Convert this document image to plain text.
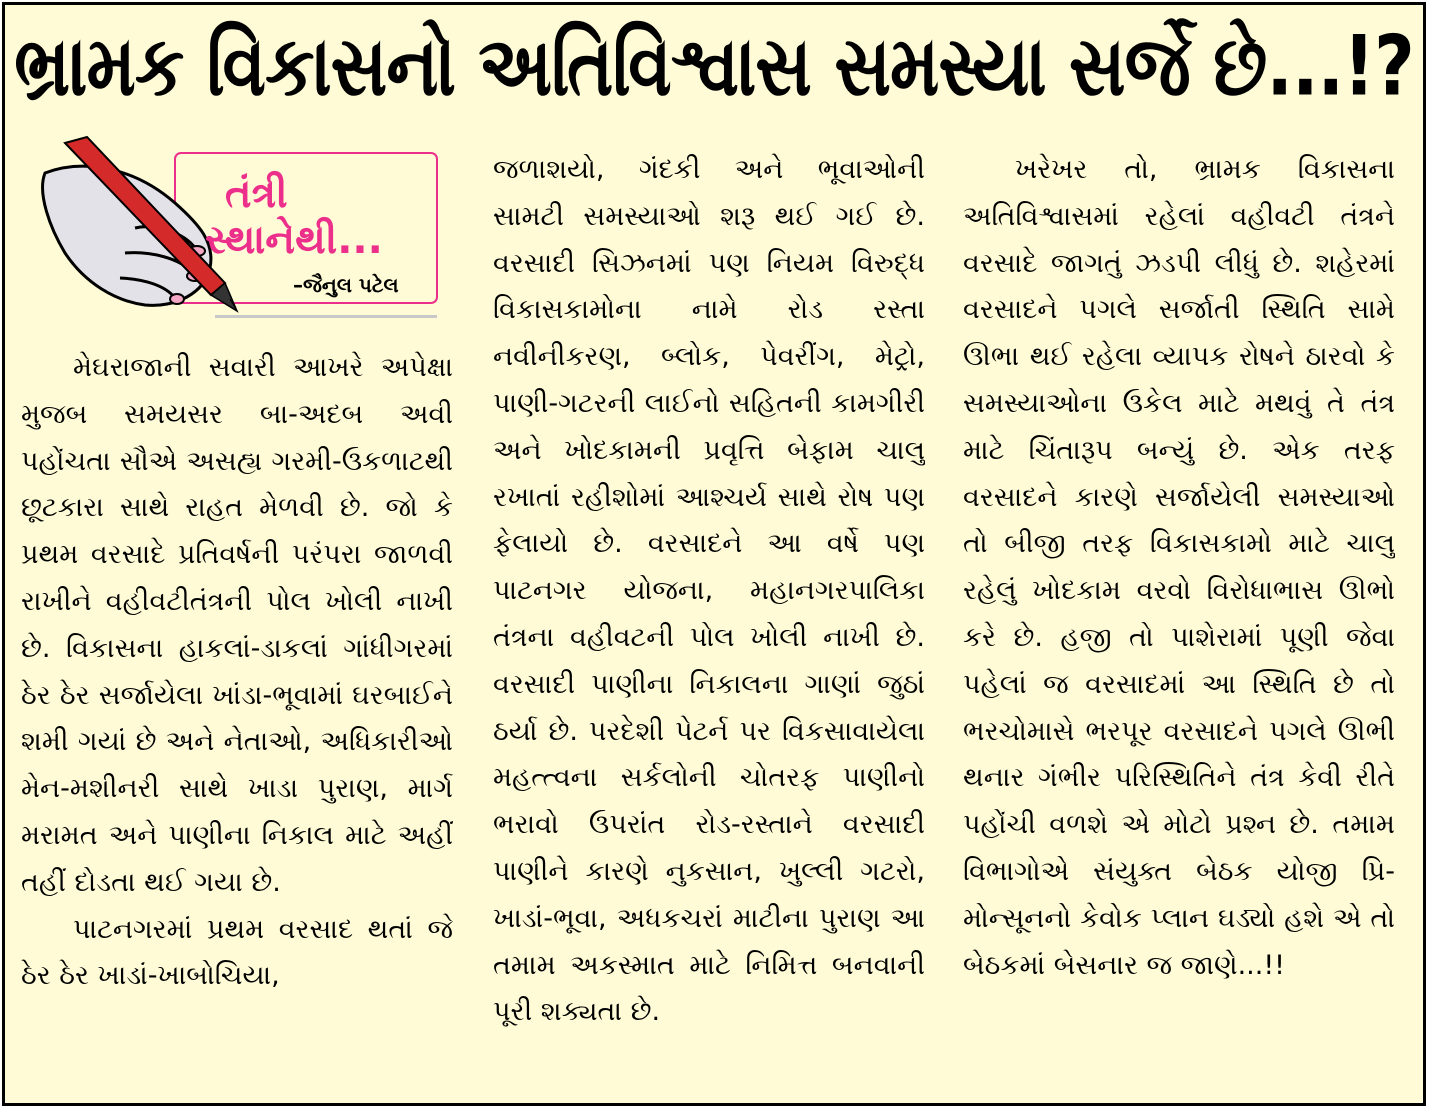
ભ્રામક વિકાસનો અતિવિશ્વાસ સમસ્યા સર્જે છે...!?
તંત્રી
સ્થાનેથી...
–જૈનુલ પટેલ

મેઘરાજાની સવારી આખરે અપેક્ષા મુજબ સમયસર બા-અદબ અવી પહોંચતા સૌએ અસહ્ય ગરમી-ઉકળાટથી છૂટકારા સાથે રાહત મેળવી છે. જો કે પ્રથમ વરસાદે પ્રતિવર્ષની પરંપરા જાળવી રાખીને વહીવટીતંત્રની પોલ ખોલી નાખી છે. વિકાસના હાકલાં-ડાકલાં ગાંધીગરમાં ઠેર ઠેર સર્જાયેલા ખાંડા-ભૂવામાં ઘરબાઈને શમી ગયાં છે અને નેતાઓ, અધિકારીઓ મેન-મશીનરી સાથે ખાડા પુરાણ, માર્ગ મરામત અને પાણીના નિકાલ માટે અહીં તહીં દોડતા થઈ ગયા છે.

પાટનગરમાં પ્રથમ વરસાદ થતાં જે ઠેર ઠેર ખાડાં-ખાબોચિયા,

જળાશયો, ગંદકી અને ભૂવાઓની સામટી સમસ્યાઓ શરૂ થઈ ગઈ છે. વરસાદી સિઝનમાં પણ નિયમ વિરુદ્ધ વિકાસકામોના નામે રોડ રસ્તા નવીનીકરણ, બ્લોક, પેવરીંગ, મેટ્રો, પાણી-ગટરની લાઈનો સહિતની કામગીરી અને ખોદકામની પ્રવૃત્તિ બેફામ ચાલુ રખાતાં રહીશોમાં આશ્ચર્ય સાથે રોષ પણ ફેલાયો છે. વરસાદને આ વર્ષે પણ પાટનગર યોજના, મહાનગરપાલિકા તંત્રના વહીવટની પોલ ખોલી નાખી છે. વરસાદી પાણીના નિકાલના ગાણાં જુઠાં ઠર્યા છે. પરદેશી પેટર્ન પર વિકસાવાયેલા મહત્ત્વના સર્કલોની ચોતરફ પાણીનો ભરાવો ઉપરાંત રોડ-રસ્તાને વરસાદી પાણીને કારણે નુકસાન, ખુલ્લી ગટરો, ખાડાં-ભૂવા, અધકચરાં માટીના પુરાણ આ તમામ અકસ્માત માટે નિમિત્ત બનવાની પૂરી શક્યતા છે.

ખરેખર તો, ભ્રામક વિકાસના અતિવિશ્વાસમાં રહેલાં વહીવટી તંત્રને વરસાદે જાગતું ઝડપી લીધું છે. શહેરમાં વરસાદને પગલે સર્જાતી સ્થિતિ સામે ઊભા થઈ રહેલા વ્યાપક રોષને ઠારવો કે સમસ્યાઓના ઉકેલ માટે મથવું તે તંત્ર માટે ચિંતારૂપ બન્યું છે. એક તરફ વરસાદને કારણે સર્જાયેલી સમસ્યાઓ તો બીજી તરફ વિકાસકામો માટે ચાલુ રહેલું ખોદકામ વરવો વિરોધાભાસ ઊભો કરે છે. હજી તો પાશેરામાં પૂણી જેવા પહેલાં જ વરસાદમાં આ સ્થિતિ છે તો ભરચોમાસે ભરપૂર વરસાદને પગલે ઊભી થનાર ગંભીર પરિસ્થિતિને તંત્ર કેવી રીતે પહોંચી વળશે એ મોટો પ્રશ્ન છે. તમામ વિભાગોએ સંયુક્ત બેઠક યોજી પ્રિ-મોન્સૂનનો કેવોક પ્લાન ઘડ્યો હશે એ તો બેઠકમાં બેસનાર જ જાણે...!!
